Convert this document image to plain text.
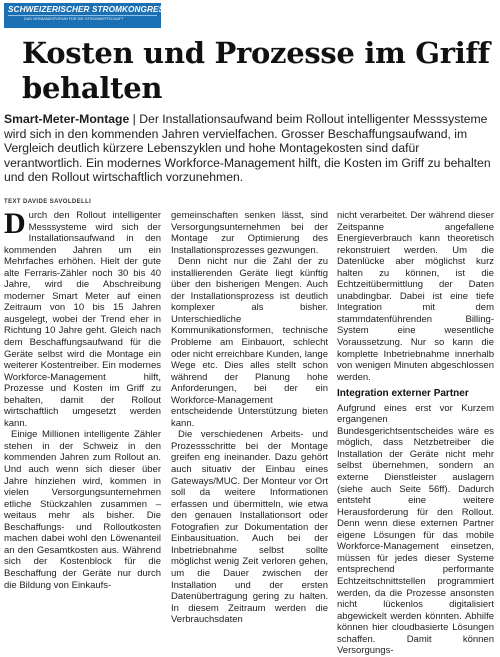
SCHWEIZERISCHER STROMKONGRESS
DAS VERBANDSFORUM FÜR DIE STROMWIRTSCHAFT
Kosten und Prozesse im Griff behalten

Smart-Meter-Montage | Der Installationsaufwand beim Rollout intelligenter Messsysteme wird sich in den kommenden Jahren vervielfachen. Grosser Beschaffungsaufwand, im Vergleich deutlich kürzere Lebenszyklen und hohe Montagekosten sind dafür verantwortlich. Ein modernes Workforce-Management hilft, die Kosten im Griff zu behalten und den Rollout wirtschaftlich vorzunehmen.

TEXT DAVIDE SAVOLDELLI

Durch den Rollout intelligenter Messsysteme wird sich der Installationsaufwand in den kommenden Jahren um ein Mehrfaches erhöhen. Hielt der gute alte Ferraris-Zähler noch 30 bis 40 Jahre, wird die Abschreibung moderner Smart Meter auf einen Zeitraum von 10 bis 15 Jahren ausgelegt, wobei der Trend eher in Richtung 10 Jahre geht. Gleich nach dem Beschaffungsaufwand für die Geräte selbst wird die Montage ein weiterer Kostentreiber. Ein modernes Workforce-Management hilft, Prozesse und Kosten im Griff zu behalten, damit der Rollout wirtschaftlich umgesetzt werden kann.

Einige Millionen intelligente Zähler stehen in der Schweiz in den kommenden Jahren zum Rollout an. Und auch wenn sich dieser über Jahre hinziehen wird, kommen in vielen Versorgungsunternehmen etliche Stückzahlen zusammen – weitaus mehr als bisher. Die Beschaffungs- und Rolloutkosten machen dabei wohl den Löwenanteil an den Gesamtkosten aus. Während sich der Kostenblock für die Beschaffung der Geräte nur durch die Bildung von Einkaufs-

gemeinschaften senken lässt, sind Versorgungsunternehmen bei der Montage zur Optimierung des Installationsprozesses gezwungen.

Denn nicht nur die Zahl der zu installierenden Geräte liegt künftig über den bisherigen Mengen. Auch der Installationsprozess ist deutlich komplexer als bisher. Unterschiedliche Kommunikationsformen, technische Probleme am Einbauort, schlecht oder nicht erreichbare Kunden, lange Wege etc. Dies alles stellt schon während der Planung hohe Anforderungen, bei der ein Workforce-Management entscheidende Unterstützung bieten kann.

Die verschiedenen Arbeits- und Prozessschritte bei der Montage greifen eng ineinander. Dazu gehört auch situativ der Einbau eines Gateways/MUC. Der Monteur vor Ort soll da weitere Informationen erfassen und übermitteln, wie etwa den genauen Installationsort oder Fotografien zur Dokumentation der Einbausituation. Auch bei der Inbetriebnahme selbst sollte möglichst wenig Zeit verloren gehen, um die Dauer zwischen der Installation und der ersten Datenübertragung gering zu halten. In diesem Zeitraum werden die Verbrauchsdaten

nicht verarbeitet. Der während dieser Zeitspanne angefallene Energieverbrauch kann theoretisch rekonstruiert werden. Um die Datenlücke aber möglichst kurz halten zu können, ist die Echtzeitübermittlung der Daten unabdingbar. Dabei ist eine tiefe Integration mit dem stammdatenführenden Billing-System eine wesentliche Voraussetzung. Nur so kann die komplette Inbetriebnahme innerhalb von wenigen Minuten abgeschlossen werden.

Integration externer Partner

Aufgrund eines erst vor Kurzem ergangenen Bundesgerichtsentscheides wäre es möglich, dass Netzbetreiber die Installation der Geräte nicht mehr selbst übernehmen, sondern an externe Dienstleister auslagern (siehe auch Seite 56ff). Dadurch entsteht eine weitere Herausforderung für den Rollout. Denn wenn diese externen Partner eigene Lösungen für das mobile Workforce-Management einsetzen, müssen für jedes dieser Systeme entsprechend performante Echtzeitschnittstellen programmiert werden, da die Prozesse ansonsten nicht lückenlos digitalisiert abgewickelt werden könnten. Abhilfe können hier cloudbasierte Lösungen schaffen. Damit können Versorgungs-
